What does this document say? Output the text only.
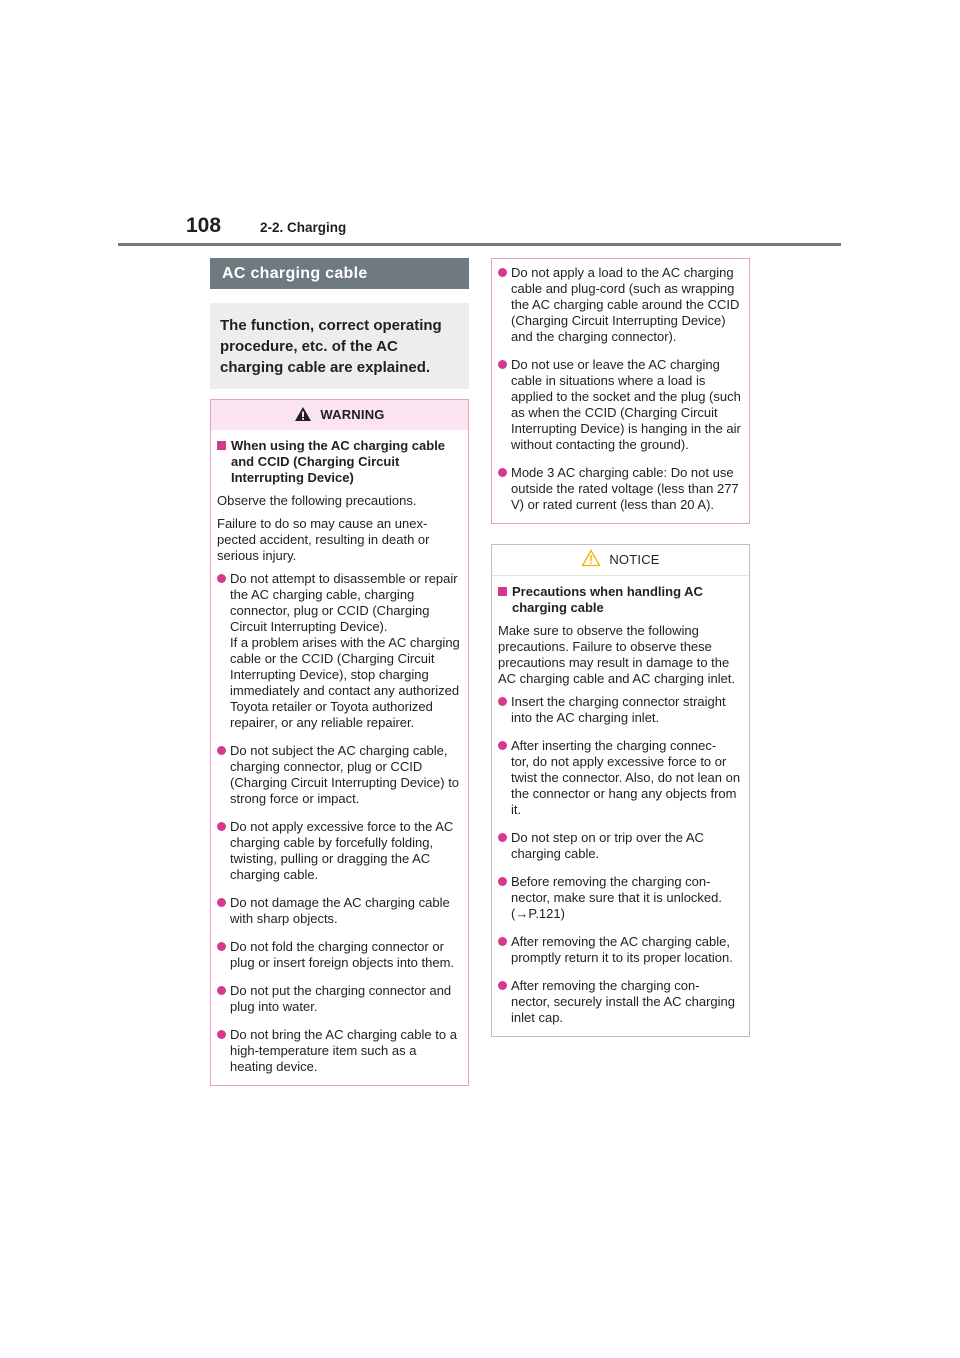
108	2-2. Charging
AC charging cable
The function, correct operating procedure, etc. of the AC charging cable are explained.
WARNING
When using the AC charging cable and CCID (Charging Circuit Interrupting Device)

Observe the following precautions.

Failure to do so may cause an unex-
pected accident, resulting in death or serious injury.

Do not attempt to disassemble or repair the AC charging cable, charging connector, plug or CCID (Charging Circuit Interrupting Device).
If a problem arises with the AC charging cable or the CCID (Charging Circuit Interrupting Device), stop charging immediately and contact any authorized Toyota retailer or Toyota authorized repairer, or any reliable repairer.
Do not subject the AC charging cable, charging connector, plug or CCID (Charging Circuit Interrupting Device) to strong force or impact.
Do not apply excessive force to the AC charging cable by forcefully folding, twisting, pulling or dragging the AC charging cable.
Do not damage the AC charging cable with sharp objects.
Do not fold the charging connector or plug or insert foreign objects into them.
Do not put the charging connector and plug into water.
Do not bring the AC charging cable to a high-temperature item such as a heating device.
Do not apply a load to the AC charging cable and plug-cord (such as wrapping the AC charging cable around the CCID (Charging Circuit Interrupting Device) and the charging connector).
Do not use or leave the AC charging cable in situations where a load is applied to the socket and the plug (such as when the CCID (Charging Circuit Interrupting Device) is hanging in the air without contacting the ground).
Mode 3 AC charging cable: Do not use outside the rated voltage (less than 277 V) or rated current (less than 20 A).
NOTICE
Precautions when handling AC charging cable

Make sure to observe the following precautions. Failure to observe these precautions may result in damage to the AC charging cable and AC charging inlet.

Insert the charging connector straight into the AC charging inlet.
After inserting the charging connec-
tor, do not apply excessive force to or twist the connector. Also, do not lean on the connector or hang any objects from it.
Do not step on or trip over the AC charging cable.
Before removing the charging con-
nector, make sure that it is unlocked. (→P.121)
After removing the AC charging cable, promptly return it to its proper location.
After removing the charging con-
nector, securely install the AC charging inlet cap.
